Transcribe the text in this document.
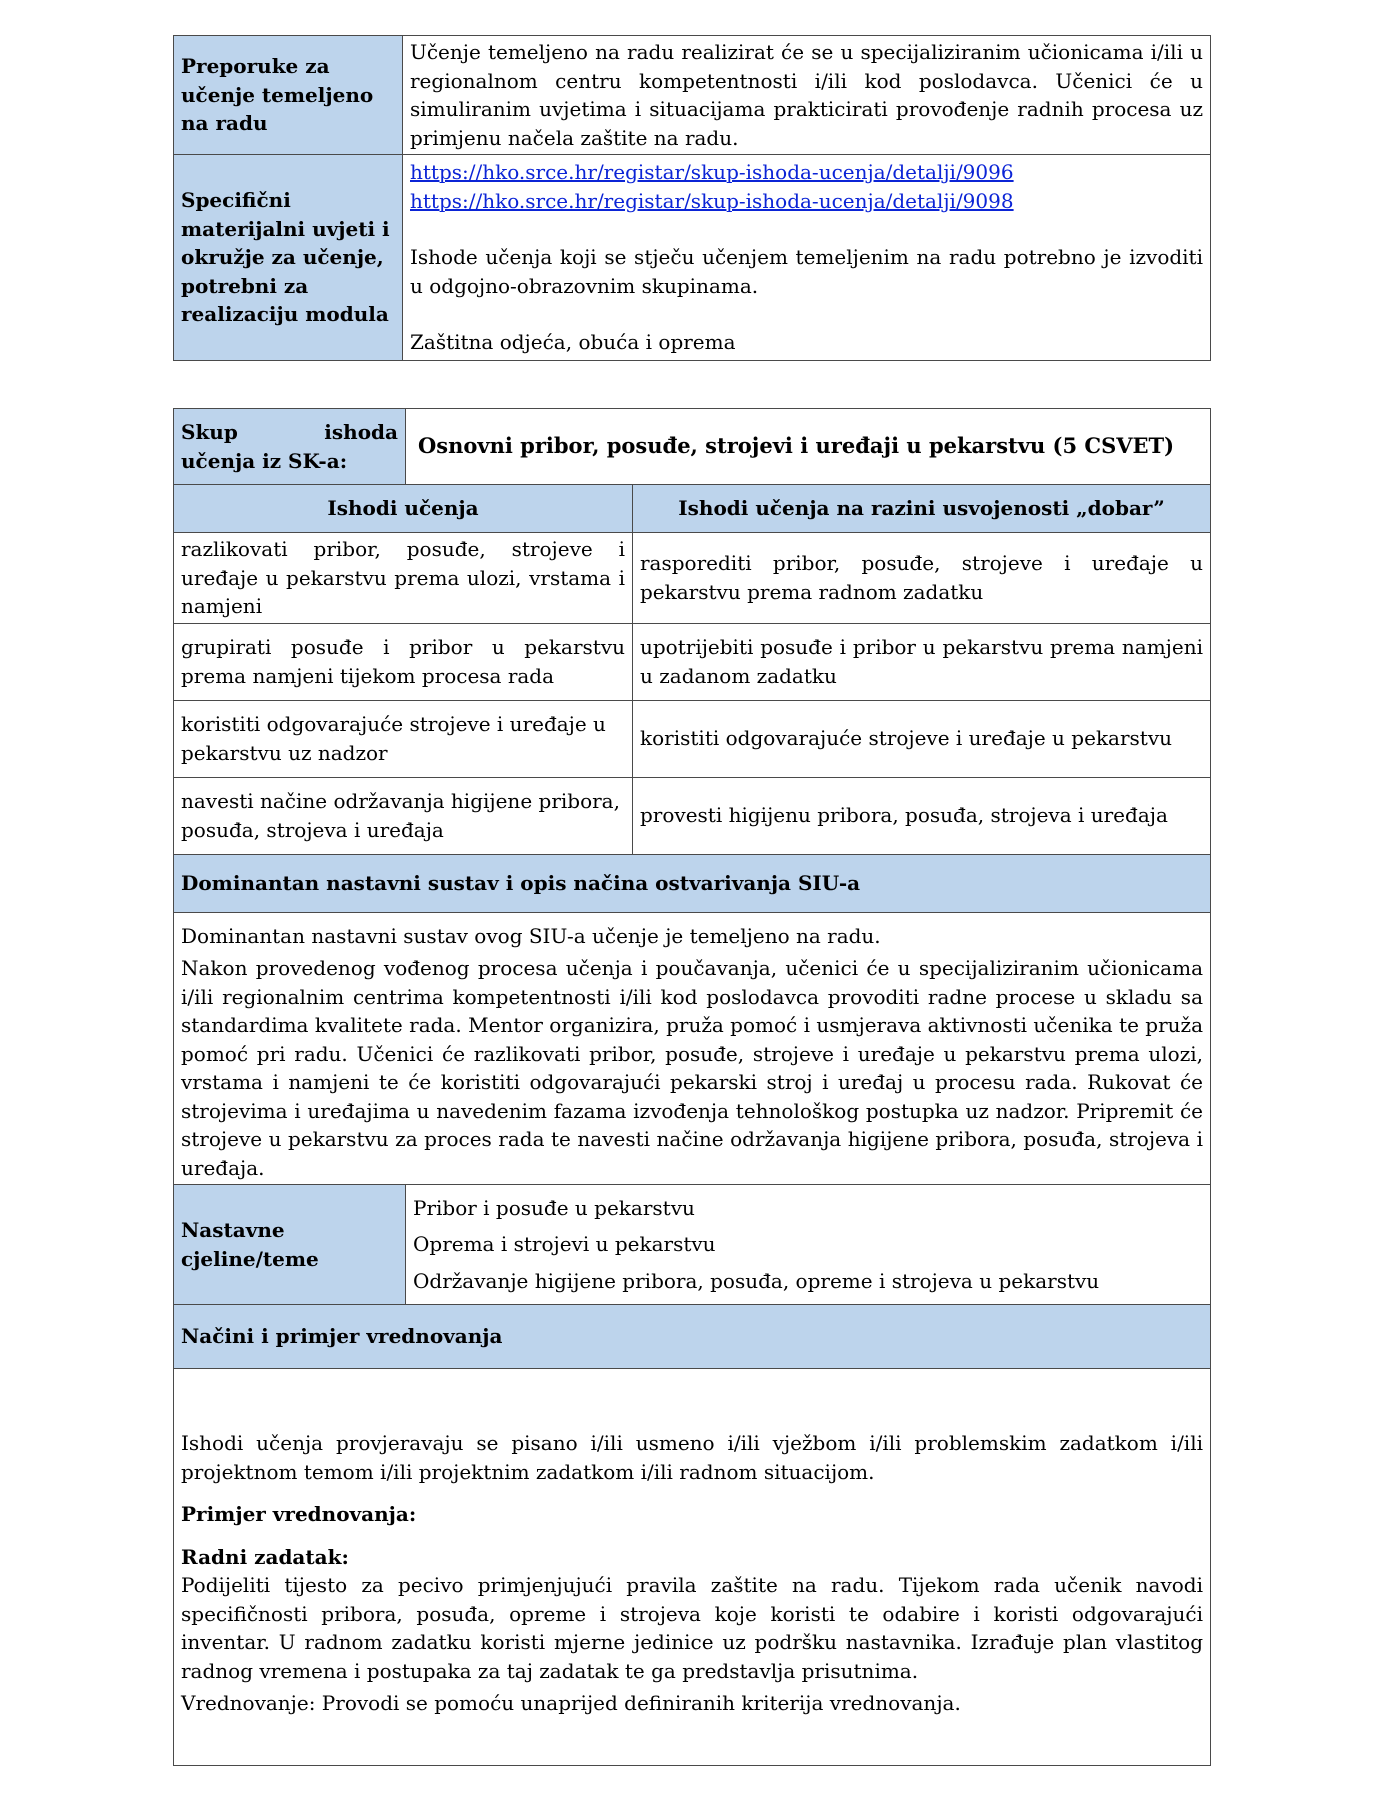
Preporuke za učenje temeljeno na radu	Učenje temeljeno na radu realizirat će se u specijaliziranim učionicama i/ili u regionalnom centru kompetentnosti i/ili kod poslodavca. Učenici će u simuliranim uvjetima i situacijama prakticirati provođenje radnih procesa uz primjenu načela zaštite na radu.
Specifični materijalni uvjeti i okružje za učenje, potrebni za realizaciju modula	https://hko.srce.hr/registar/skup-ishoda-ucenja/detalji/9096

https://hko.srce.hr/registar/skup-ishoda-ucenja/detalji/9098

Ishode učenja koji se stječu učenjem temeljenim na radu potrebno je izvoditi u odgojno-obrazovnim skupinama.

Zaštitna odjeća, obuća i oprema

Skup ishoda učenja iz SK-a:	Osnovni pribor, posuđe, strojevi i uređaji u pekarstvu (5 CSVET)	
Ishodi učenja		Ishodi učenja na razini usvojenosti „dobar”
razlikovati pribor, posuđe, strojeve i uređaje u pekarstvu prema ulozi, vrstama i namjeni		rasporediti pribor, posuđe, strojeve i uređaje u pekarstvu prema radnom zadatku
grupirati posuđe i pribor u pekarstvu prema namjeni tijekom procesa rada		upotrijebiti posuđe i pribor u pekarstvu prema namjeni u zadanom zadatku
koristiti odgovarajuće strojeve i uređaje u pekarstvu uz nadzor		koristiti odgovarajuće strojeve i uređaje u pekarstvu
navesti načine održavanja higijene pribora, posuđa, strojeva i uređaja		provesti higijenu pribora, posuđa, strojeva i uređaja
Dominantan nastavni sustav i opis načina ostvarivanja SIU-a		

Dominantan nastavni sustav ovog SIU-a učenje je temeljeno na radu.

Nakon provedenog vođenog procesa učenja i poučavanja, učenici će u specijaliziranim učionicama i/ili regionalnim centrima kompetentnosti i/ili kod poslodavca provoditi radne procese u skladu sa standardima kvalitete rada. Mentor organizira, pruža pomoć i usmjerava aktivnosti učenika te pruža pomoć pri radu. Učenici će razlikovati pribor, posuđe, strojeve i uređaje u pekarstvu prema ulozi, vrstama i namjeni te će koristiti odgovarajući pekarski stroj i uređaj u procesu rada. Rukovat će strojevima i uređajima u navedenim fazama izvođenja tehnološkog postupka uz nadzor. Pripremit će strojeve u pekarstvu za proces rada te navesti načine održavanja higijene pribora, posuđa, strojeva i uređaja.		

Nastavne cjeline/teme	Pribor i posuđe u pekarstvu

Oprema i strojevi u pekarstvu

Održavanje higijene pribora, posuđa, opreme i strojeva u pekarstvu	

Načini i primjer vrednovanja		

Ishodi učenja provjeravaju se pisano i/ili usmeno i/ili vježbom i/ili problemskim zadatkom i/ili projektnom temom i/ili projektnim zadatkom i/ili radnom situacijom.

Primjer vrednovanja:

Radni zadatak:

Podijeliti tijesto za pecivo primjenjujući pravila zaštite na radu. Tijekom rada učenik navodi specifičnosti pribora, posuđa, opreme i strojeva koje koristi te odabire i koristi odgovarajući inventar. U radnom zadatku koristi mjerne jedinice uz podršku nastavnika. Izrađuje plan vlastitog radnog vremena i postupaka za taj zadatak te ga predstavlja prisutnima.

Vrednovanje: Provodi se pomoću unaprijed definiranih kriterija vrednovanja.		
